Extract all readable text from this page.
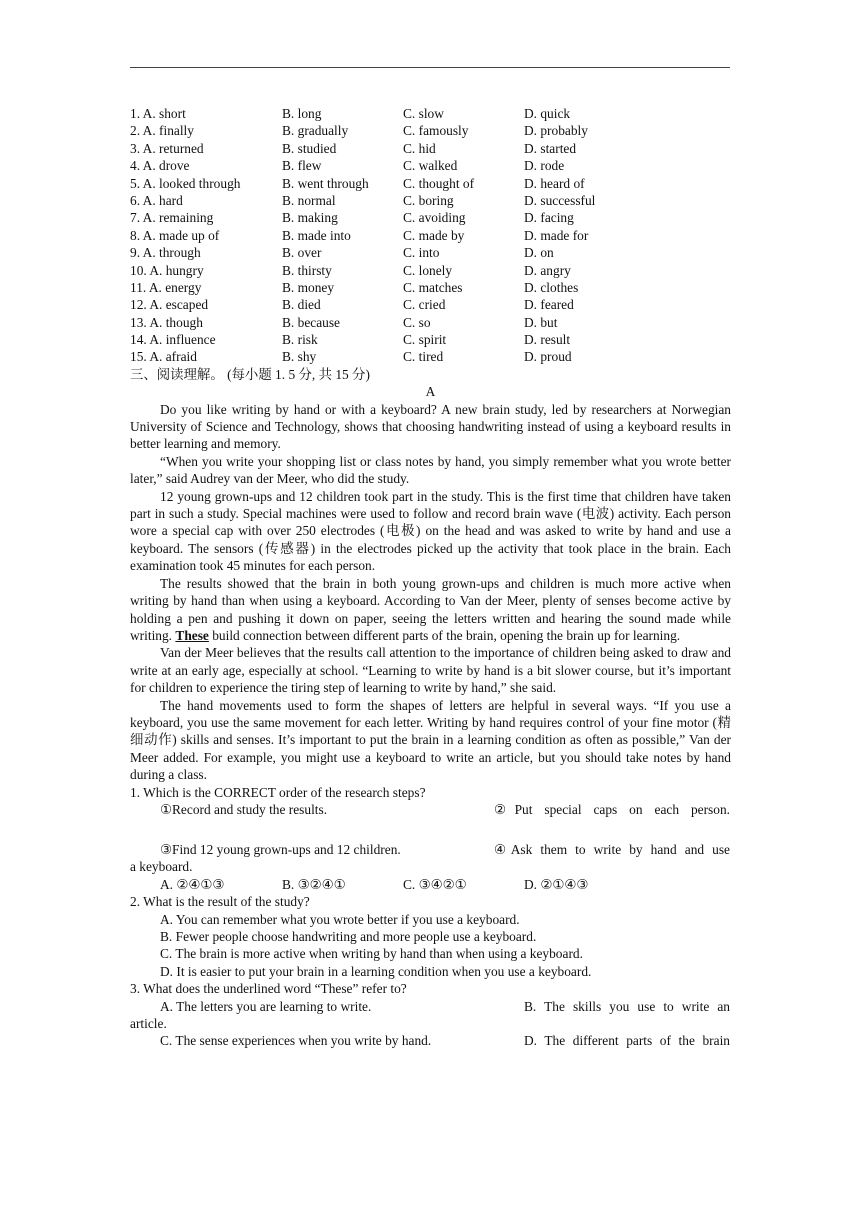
1. A. short	B. long	C. slow	D. quick
2. A. finally	B. gradually	C. famously	D. probably
3. A. returned	B. studied	C. hid	D. started
4. A. drove	B. flew	C. walked	D. rode
5. A. looked through	B. went through	C. thought of	D. heard of
6. A. hard	B. normal	C. boring	D. successful
7. A. remaining	B. making	C. avoiding	D. facing
8. A. made up of	B. made into	C. made by	D. made for
9. A. through	B. over	C. into	D. on
10. A. hungry	B. thirsty	C. lonely	D. angry
11. A. energy	B. money	C. matches	D. clothes
12. A. escaped	B. died	C. cried	D. feared
13. A. though	B. because	C. so	D. but
14. A. influence	B. risk	C. spirit	D. result
15. A. afraid	B. shy	C. tired	D. proud
三、阅读理解。 (每小题 1. 5 分, 共 15 分)
A

Do you like writing by hand or with a keyboard? A new brain study, led by researchers at Norwegian University of Science and Technology, shows that choosing handwriting instead of using a keyboard results in better learning and memory.

“When you write your shopping list or class notes by hand, you simply remember what you wrote better later,” said Audrey van der Meer, who did the study.

12 young grown-ups and 12 children took part in the study. This is the first time that children have taken part in such a study. Special machines were used to follow and record brain wave (电波) activity. Each person wore a special cap with over 250 electrodes (电极) on the head and was asked to write by hand and use a keyboard. The sensors (传感器) in the electrodes picked up the activity that took place in the brain. Each examination took 45 minutes for each person.

The results showed that the brain in both young grown-ups and children is much more active when writing by hand than when using a keyboard. According to Van der Meer, plenty of senses become active by holding a pen and pushing it down on paper, seeing the letters written and hearing the sound made while writing. These build connection between different parts of the brain, opening the brain up for learning.

Van der Meer believes that the results call attention to the importance of children being asked to draw and write at an early age, especially at school. “Learning to write by hand is a bit slower course, but it’s important for children to experience the tiring step of learning to write by hand,” she said.

The hand movements used to form the shapes of letters are helpful in several ways. “If you use a keyboard, you use the same movement for each letter. Writing by hand requires control of your fine motor (精细动作) skills and senses. It’s important to put the brain in a learning condition as often as possible,” Van der Meer added. For example, you might use a keyboard to write an article, but you should take notes by hand during a class.

1. Which is the CORRECT order of the research steps?
①Record and study the results.	②Put special caps on each person.
③Find 12 young grown-ups and 12 children.	④Ask them to write by hand and use
a keyboard.
A. ②④①③	B. ③②④①	C. ③④②①	D. ②①④③
2. What is the result of the study?
A. You can remember what you wrote better if you use a keyboard.
B. Fewer people choose handwriting and more people use a keyboard.
C. The brain is more active when writing by hand than when using a keyboard.
D. It is easier to put your brain in a learning condition when you use a keyboard.
3. What does the underlined word “These” refer to?
A. The letters you are learning to write.	B. The skills you use to write an
article.
C. The sense experiences when you write by hand.	D. The different parts of the brain
